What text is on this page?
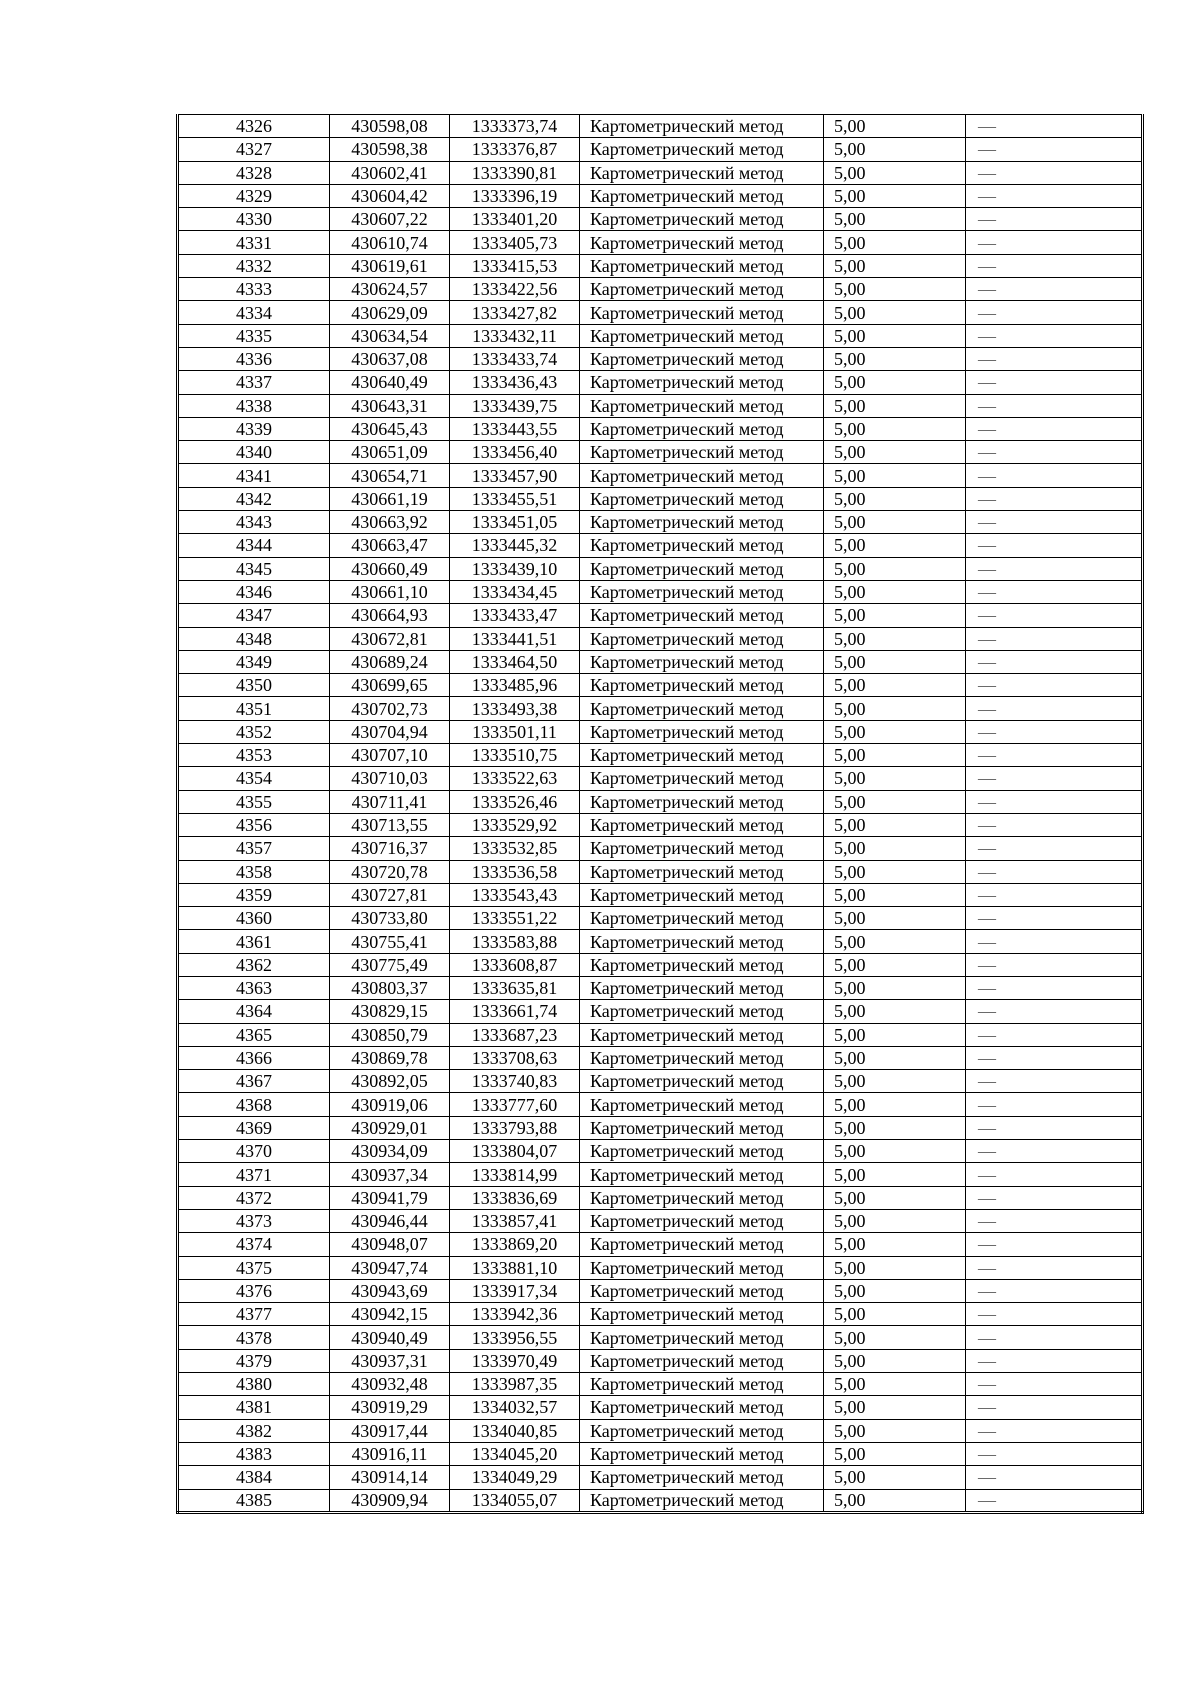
4326	430598,08	1333373,74	Картометрический метод	5,00	—
4327	430598,38	1333376,87	Картометрический метод	5,00	—
4328	430602,41	1333390,81	Картометрический метод	5,00	—
4329	430604,42	1333396,19	Картометрический метод	5,00	—
4330	430607,22	1333401,20	Картометрический метод	5,00	—
4331	430610,74	1333405,73	Картометрический метод	5,00	—
4332	430619,61	1333415,53	Картометрический метод	5,00	—
4333	430624,57	1333422,56	Картометрический метод	5,00	—
4334	430629,09	1333427,82	Картометрический метод	5,00	—
4335	430634,54	1333432,11	Картометрический метод	5,00	—
4336	430637,08	1333433,74	Картометрический метод	5,00	—
4337	430640,49	1333436,43	Картометрический метод	5,00	—
4338	430643,31	1333439,75	Картометрический метод	5,00	—
4339	430645,43	1333443,55	Картометрический метод	5,00	—
4340	430651,09	1333456,40	Картометрический метод	5,00	—
4341	430654,71	1333457,90	Картометрический метод	5,00	—
4342	430661,19	1333455,51	Картометрический метод	5,00	—
4343	430663,92	1333451,05	Картометрический метод	5,00	—
4344	430663,47	1333445,32	Картометрический метод	5,00	—
4345	430660,49	1333439,10	Картометрический метод	5,00	—
4346	430661,10	1333434,45	Картометрический метод	5,00	—
4347	430664,93	1333433,47	Картометрический метод	5,00	—
4348	430672,81	1333441,51	Картометрический метод	5,00	—
4349	430689,24	1333464,50	Картометрический метод	5,00	—
4350	430699,65	1333485,96	Картометрический метод	5,00	—
4351	430702,73	1333493,38	Картометрический метод	5,00	—
4352	430704,94	1333501,11	Картометрический метод	5,00	—
4353	430707,10	1333510,75	Картометрический метод	5,00	—
4354	430710,03	1333522,63	Картометрический метод	5,00	—
4355	430711,41	1333526,46	Картометрический метод	5,00	—
4356	430713,55	1333529,92	Картометрический метод	5,00	—
4357	430716,37	1333532,85	Картометрический метод	5,00	—
4358	430720,78	1333536,58	Картометрический метод	5,00	—
4359	430727,81	1333543,43	Картометрический метод	5,00	—
4360	430733,80	1333551,22	Картометрический метод	5,00	—
4361	430755,41	1333583,88	Картометрический метод	5,00	—
4362	430775,49	1333608,87	Картометрический метод	5,00	—
4363	430803,37	1333635,81	Картометрический метод	5,00	—
4364	430829,15	1333661,74	Картометрический метод	5,00	—
4365	430850,79	1333687,23	Картометрический метод	5,00	—
4366	430869,78	1333708,63	Картометрический метод	5,00	—
4367	430892,05	1333740,83	Картометрический метод	5,00	—
4368	430919,06	1333777,60	Картометрический метод	5,00	—
4369	430929,01	1333793,88	Картометрический метод	5,00	—
4370	430934,09	1333804,07	Картометрический метод	5,00	—
4371	430937,34	1333814,99	Картометрический метод	5,00	—
4372	430941,79	1333836,69	Картометрический метод	5,00	—
4373	430946,44	1333857,41	Картометрический метод	5,00	—
4374	430948,07	1333869,20	Картометрический метод	5,00	—
4375	430947,74	1333881,10	Картометрический метод	5,00	—
4376	430943,69	1333917,34	Картометрический метод	5,00	—
4377	430942,15	1333942,36	Картометрический метод	5,00	—
4378	430940,49	1333956,55	Картометрический метод	5,00	—
4379	430937,31	1333970,49	Картометрический метод	5,00	—
4380	430932,48	1333987,35	Картометрический метод	5,00	—
4381	430919,29	1334032,57	Картометрический метод	5,00	—
4382	430917,44	1334040,85	Картометрический метод	5,00	—
4383	430916,11	1334045,20	Картометрический метод	5,00	—
4384	430914,14	1334049,29	Картометрический метод	5,00	—
4385	430909,94	1334055,07	Картометрический метод	5,00	—
